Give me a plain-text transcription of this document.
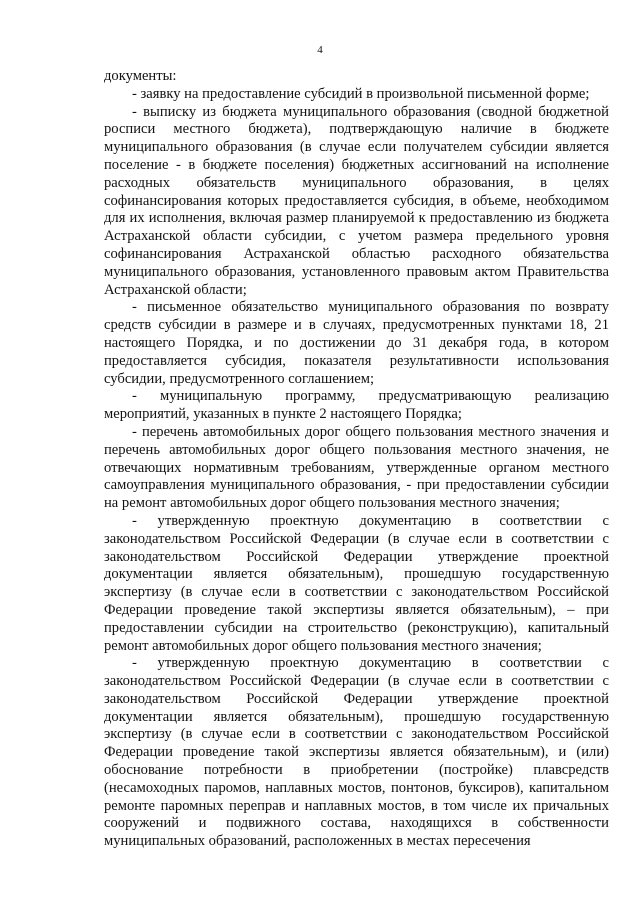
4

документы:

- заявку на предоставление субсидий в произвольной письменной форме;

- выписку из бюджета муниципального образования (сводной бюджетной росписи местного бюджета), подтверждающую наличие в бюджете муниципального образования (в случае если получателем субсидии является поселение - в бюджете поселения) бюджетных ассигнований на исполнение расходных обязательств муниципального образования, в целях софинансирования которых предоставляется субсидия, в объеме, необходимом для их исполнения, включая размер планируемой к предоставлению из бюджета Астраханской области субсидии, с учетом размера предельного уровня софинансирования Астраханской областью расходного обязательства муниципального образования, установленного правовым актом Правительства Астраханской области;

- письменное обязательство муниципального образования по возврату средств субсидии в размере и в случаях, предусмотренных пунктами 18, 21 настоящего Порядка, и по достижении до 31 декабря года, в котором предоставляется субсидия, показателя результативности использования субсидии, предусмотренного соглашением;

- муниципальную программу, предусматривающую реализацию мероприятий, указанных в пункте 2 настоящего Порядка;

- перечень автомобильных дорог общего пользования местного значения и перечень автомобильных дорог общего пользования местного значения, не отвечающих нормативным требованиям, утвержденные органом местного самоуправления муниципального образования, - при предоставлении субсидии на ремонт автомобильных дорог общего пользования местного значения;

- утвержденную проектную документацию в соответствии с законодательством Российской Федерации (в случае если в соответствии с законодательством Российской Федерации утверждение проектной документации является обязательным), прошедшую государственную экспертизу (в случае если в соответствии с законодательством Российской Федерации проведение такой экспертизы является обязательным), – при предоставлении субсидии на строительство (реконструкцию), капитальный ремонт автомобильных дорог общего пользования местного значения;

- утвержденную проектную документацию в соответствии с законодательством Российской Федерации (в случае если в соответствии с законодательством Российской Федерации утверждение проектной документации является обязательным), прошедшую государственную экспертизу (в случае если в соответствии с законодательством Российской Федерации проведение такой экспертизы является обязательным), и (или) обоснование потребности в приобретении (постройке) плавсредств (несамоходных паромов, наплавных мостов, понтонов, буксиров), капитальном ремонте паромных переправ и наплавных мостов, в том числе их причальных сооружений и подвижного состава, находящихся в собственности муниципальных образований, расположенных в местах пересечения
